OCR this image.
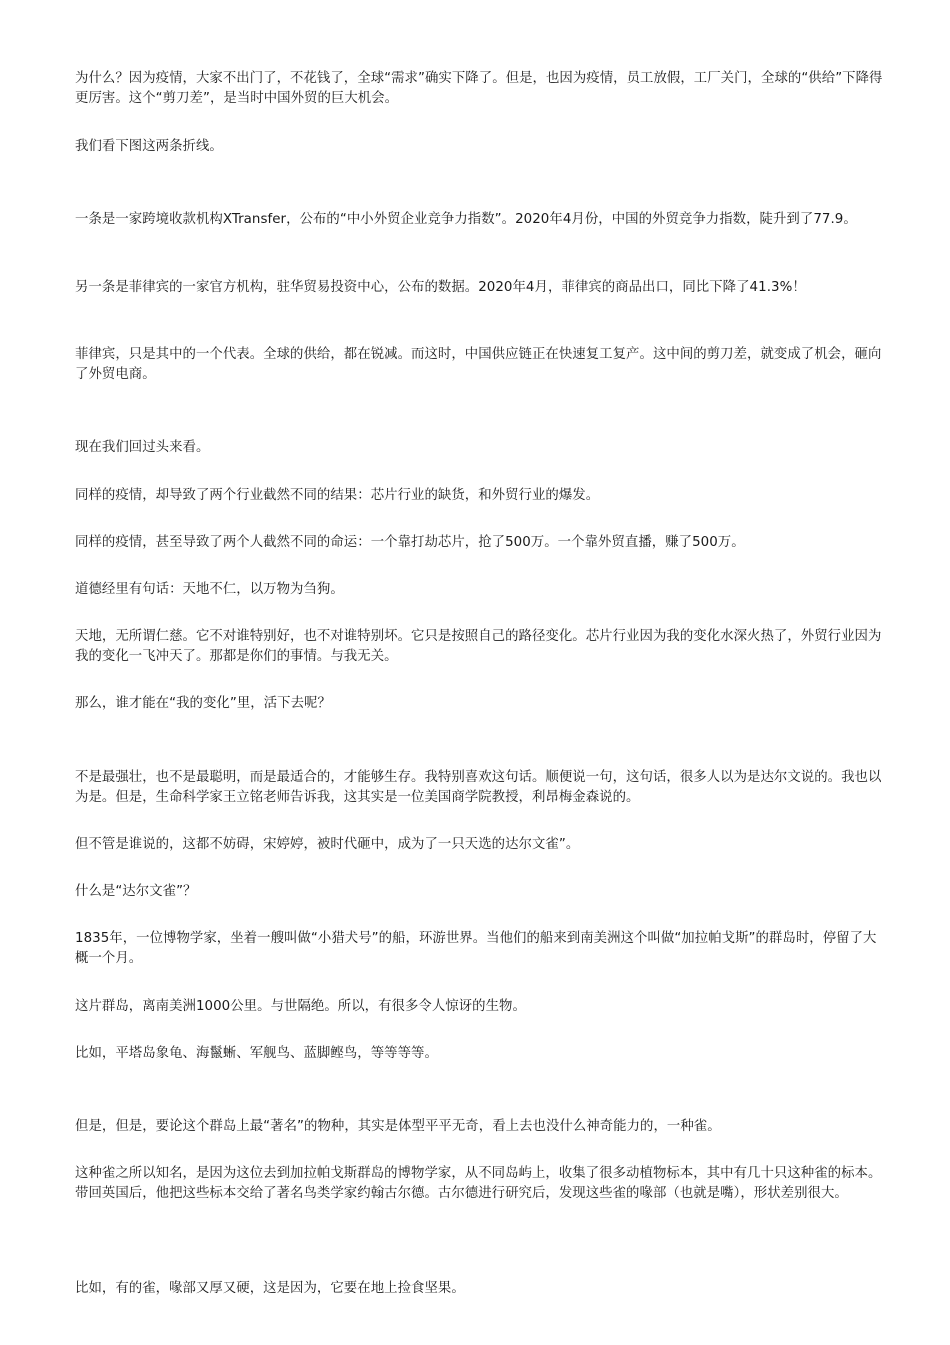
为什么？因为疫情，大家不出门了，不花钱了，全球“需求”确实下降了。但是，也因为疫情，员工放假，工厂关门，全球的“供给”下降得更厉害。这个“剪刀差”，是当时中国外贸的巨大机会。

我们看下图这两条折线。

一条是一家跨境收款机构XTransfer，公布的“中小外贸企业竞争力指数”。2020年4月份，中国的外贸竞争力指数，陡升到了77.9。

另一条是菲律宾的一家官方机构，驻华贸易投资中心，公布的数据。2020年4月，菲律宾的商品出口，同比下降了41.3%！

菲律宾，只是其中的一个代表。全球的供给，都在锐减。而这时，中国供应链正在快速复工复产。这中间的剪刀差，就变成了机会，砸向了外贸电商。

现在我们回过头来看。

同样的疫情，却导致了两个行业截然不同的结果：芯片行业的缺货，和外贸行业的爆发。

同样的疫情，甚至导致了两个人截然不同的命运：一个靠打劫芯片，抢了500万。一个靠外贸直播，赚了500万。

道德经里有句话：天地不仁，以万物为刍狗。

天地，无所谓仁慈。它不对谁特别好，也不对谁特别坏。它只是按照自己的路径变化。芯片行业因为我的变化水深火热了，外贸行业因为我的变化一飞冲天了。那都是你们的事情。与我无关。

那么，谁才能在“我的变化”里，活下去呢？

不是最强壮，也不是最聪明，而是最适合的，才能够生存。我特别喜欢这句话。顺便说一句，这句话，很多人以为是达尔文说的。我也以为是。但是，生命科学家王立铭老师告诉我，这其实是一位美国商学院教授，利昂梅金森说的。

但不管是谁说的，这都不妨碍，宋婷婷，被时代砸中，成为了一只天选的达尔文雀”。

什么是“达尔文雀”？

1835年，一位博物学家，坐着一艘叫做“小猎犬号”的船，环游世界。当他们的船来到南美洲这个叫做“加拉帕戈斯”的群岛时，停留了大概一个月。

这片群岛，离南美洲1000公里。与世隔绝。所以，有很多令人惊讶的生物。

比如，平塔岛象龟、海鬣蜥、军舰鸟、蓝脚鲣鸟，等等等等。

但是，但是，要论这个群岛上最“著名”的物种，其实是体型平平无奇，看上去也没什么神奇能力的，一种雀。

这种雀之所以知名，是因为这位去到加拉帕戈斯群岛的博物学家，从不同岛屿上，收集了很多动植物标本，其中有几十只这种雀的标本。带回英国后，他把这些标本交给了著名鸟类学家约翰古尔德。古尔德进行研究后，发现这些雀的喙部（也就是嘴），形状差别很大。

比如，有的雀，喙部又厚又硬，这是因为，它要在地上捡食坚果。
